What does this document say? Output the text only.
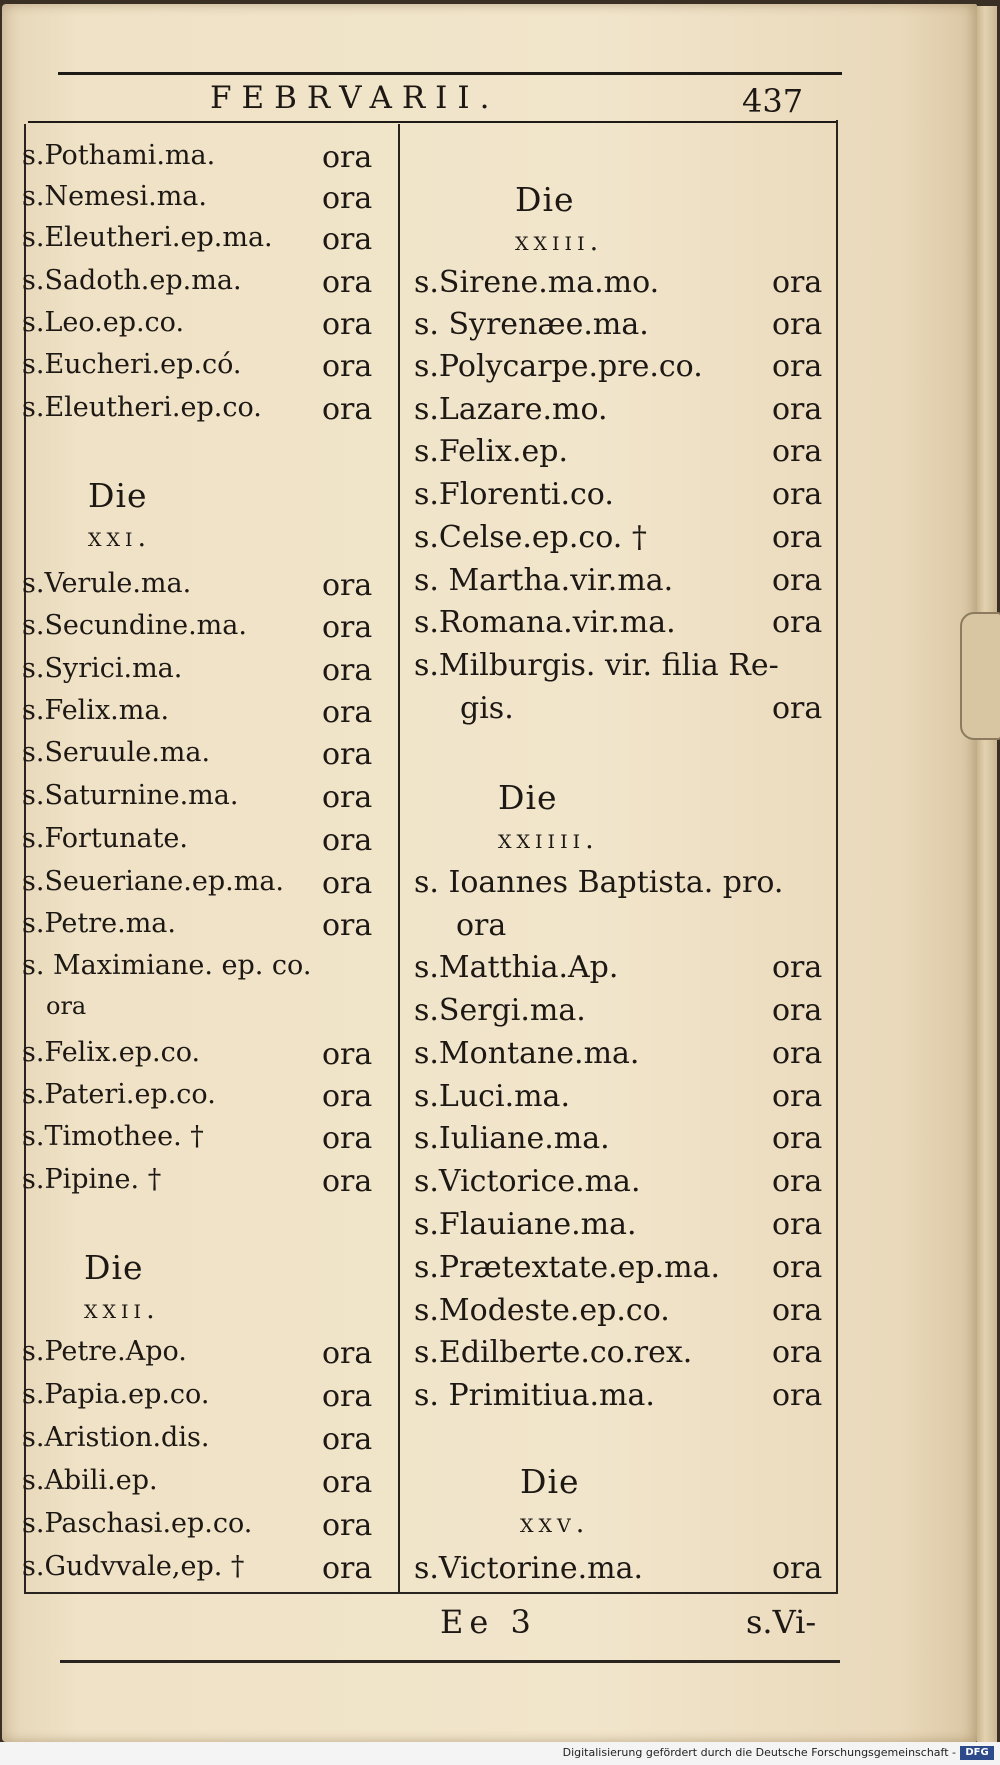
FEBRVARII.	437
s.Pothami.ma.	ora
s.Nemesi.ma.	ora
s.Eleutheri.ep.ma. ora
s.Sadoth.ep.ma.	ora
s.Leo.ep.co.	ora
s.Eucheri.ep.có.	ora
s.Eleutheri.ep.co. ora
Die xxi.
s.Verule.ma.	ora
s.Secundine.ma.	ora
s.Syrici.ma.	ora
s.Felix.ma.	ora
s.Seruule.ma.	ora
s.Saturnine.ma.	ora
s.Fortunate.	ora
s.Seueriane.ep.ma. ora
s.Petre.ma.	ora
s. Maximiane. ep. co.
ora
s.Felix.ep.co.	ora
s.Pateri.ep.co.	ora
s.Timothee. †	ora
s.Pipine. †	ora
Die xxii.
s.Petre.Apo.	ora
s.Papia.ep.co.	ora
s.Aristion.dis.	ora
s.Abili.ep.	ora
s.Paschasi.ep.co. ora
s.Gudvvale,ep. †	ora
Die xxiii.
s.Sirene.ma.mo.	ora
s. Syrenæe.ma.	ora
s.Polycarpe.pre.co. ora
s.Lazare.mo.	ora
s.Felix.ep.	ora
s.Florenti.co.	ora
s.Celse.ep.co. †	ora
s. Martha.vir.ma.	ora
s.Romana.vir.ma.	ora
s.Milburgis. vir. filia Re-
gis.	ora
Die xxiiii.
s. Ioannes Baptista. pro.
ora
s.Matthia.Ap.	ora
s.Sergi.ma.	ora
s.Montane.ma.	ora
s.Luci.ma.	ora
s.Iuliane.ma.	ora
s.Victorice.ma.	ora
s.Flauiane.ma.	ora
s.Prætextate.ep.ma. ora
s.Modeste.ep.co.	ora
s.Edilberte.co.rex.	ora
s. Primitiua.ma.	ora
Die xxv.
s.Victorine.ma.	ora
Ee 3	s.Vi-
Digitalisierung gefördert durch die Deutsche Forschungsgemeinschaft - DFG
